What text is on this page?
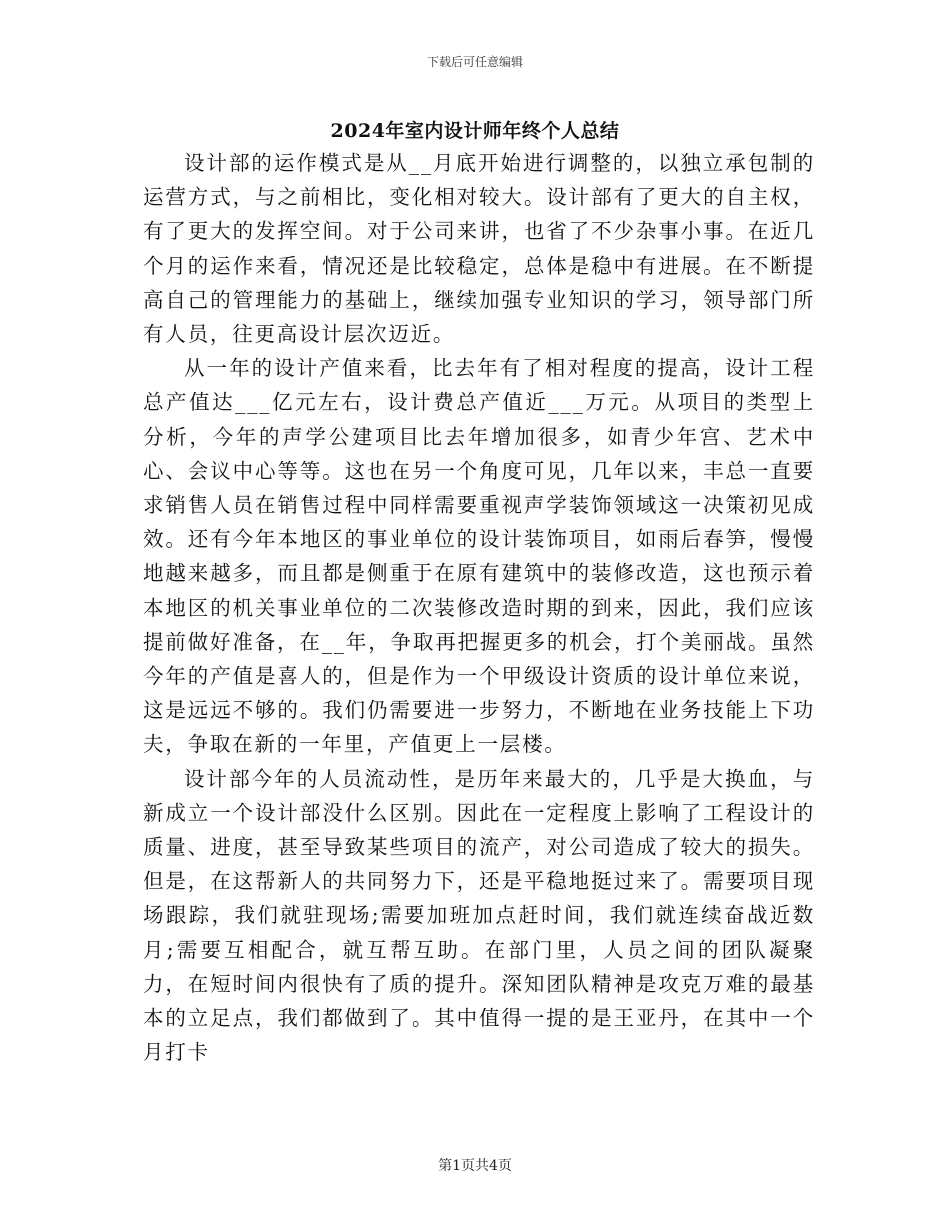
下载后可任意编辑
2024年室内设计师年终个人总结

设计部的运作模式是从__月底开始进行调整的，以独立承包制的运营方式，与之前相比，变化相对较大。设计部有了更大的自主权，有了更大的发挥空间。对于公司来讲，也省了不少杂事小事。在近几个月的运作来看，情况还是比较稳定，总体是稳中有进展。在不断提高自己的管理能力的基础上，继续加强专业知识的学习，领导部门所有人员，往更高设计层次迈近。

从一年的设计产值来看，比去年有了相对程度的提高，设计工程总产值达___亿元左右，设计费总产值近___万元。从项目的类型上分析，今年的声学公建项目比去年增加很多，如青少年宫、艺术中心、会议中心等等。这也在另一个角度可见，几年以来，丰总一直要求销售人员在销售过程中同样需要重视声学装饰领域这一决策初见成效。还有今年本地区的事业单位的设计装饰项目，如雨后春笋，慢慢地越来越多，而且都是侧重于在原有建筑中的装修改造，这也预示着本地区的机关事业单位的二次装修改造时期的到来，因此，我们应该提前做好准备，在__年，争取再把握更多的机会，打个美丽战。虽然今年的产值是喜人的，但是作为一个甲级设计资质的设计单位来说，这是远远不够的。我们仍需要进一步努力，不断地在业务技能上下功夫，争取在新的一年里，产值更上一层楼。

设计部今年的人员流动性，是历年来最大的，几乎是大换血，与新成立一个设计部没什么区别。因此在一定程度上影响了工程设计的质量、进度，甚至导致某些项目的流产，对公司造成了较大的损失。但是，在这帮新人的共同努力下，还是平稳地挺过来了。需要项目现场跟踪，我们就驻现场;需要加班加点赶时间，我们就连续奋战近数月;需要互相配合，就互帮互助。在部门里，人员之间的团队凝聚力，在短时间内很快有了质的提升。深知团队精神是攻克万难的最基本的立足点，我们都做到了。其中值得一提的是王亚丹，在其中一个月打卡

第1页共4页
